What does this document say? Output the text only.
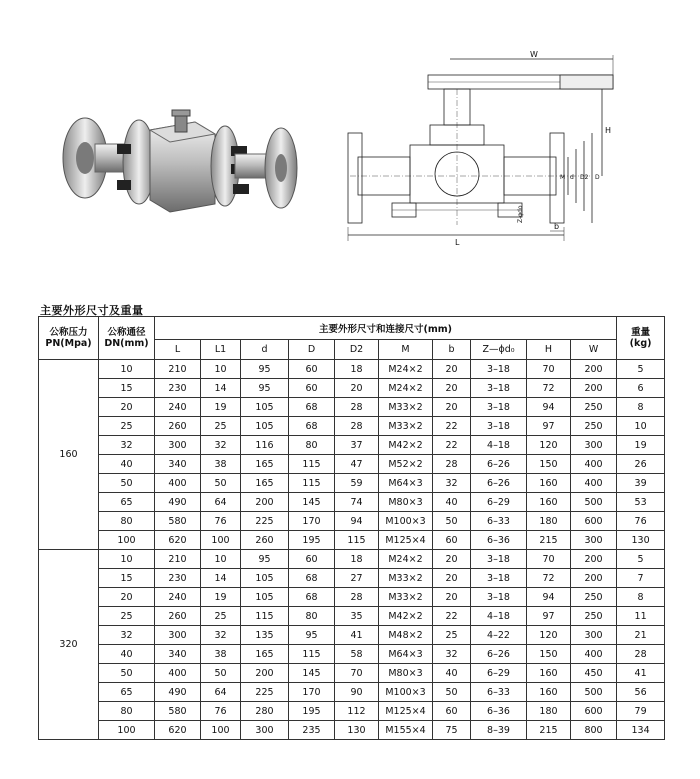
W
H
L
b
Z-φdo
D2 D
d
M
主要外形尺寸及重量
公称压力
PN(Mpa)	公称通径
DN(mm)	主要外形尺寸和连接尺寸(mm)										重量
(kg)
		L	L1	d	D	D2	M	b	Z—ϕd₀	H	W	
160	10	210	10	95	60	18	M24×2	20	3–18	70	200	5
	15	230	14	95	60	20	M24×2	20	3–18	72	200	6
	20	240	19	105	68	28	M33×2	20	3–18	94	250	8
	25	260	25	105	68	28	M33×2	22	3–18	97	250	10
	32	300	32	116	80	37	M42×2	22	4–18	120	300	19
	40	340	38	165	115	47	M52×2	28	6–26	150	400	26
	50	400	50	165	115	59	M64×3	32	6–26	160	400	39
	65	490	64	200	145	74	M80×3	40	6–29	160	500	53
	80	580	76	225	170	94	M100×3	50	6–33	180	600	76
	100	620	100	260	195	115	M125×4	60	6–36	215	300	130
320	10	210	10	95	60	18	M24×2	20	3–18	70	200	5
	15	230	14	105	68	27	M33×2	20	3–18	72	200	7
	20	240	19	105	68	28	M33×2	20	3–18	94	250	8
	25	260	25	115	80	35	M42×2	22	4–18	97	250	11
	32	300	32	135	95	41	M48×2	25	4–22	120	300	21
	40	340	38	165	115	58	M64×3	32	6–26	150	400	28
	50	400	50	200	145	70	M80×3	40	6–29	160	450	41
	65	490	64	225	170	90	M100×3	50	6–33	160	500	56
	80	580	76	280	195	112	M125×4	60	6–36	180	600	79
	100	620	100	300	235	130	M155×4	75	8–39	215	800	134
